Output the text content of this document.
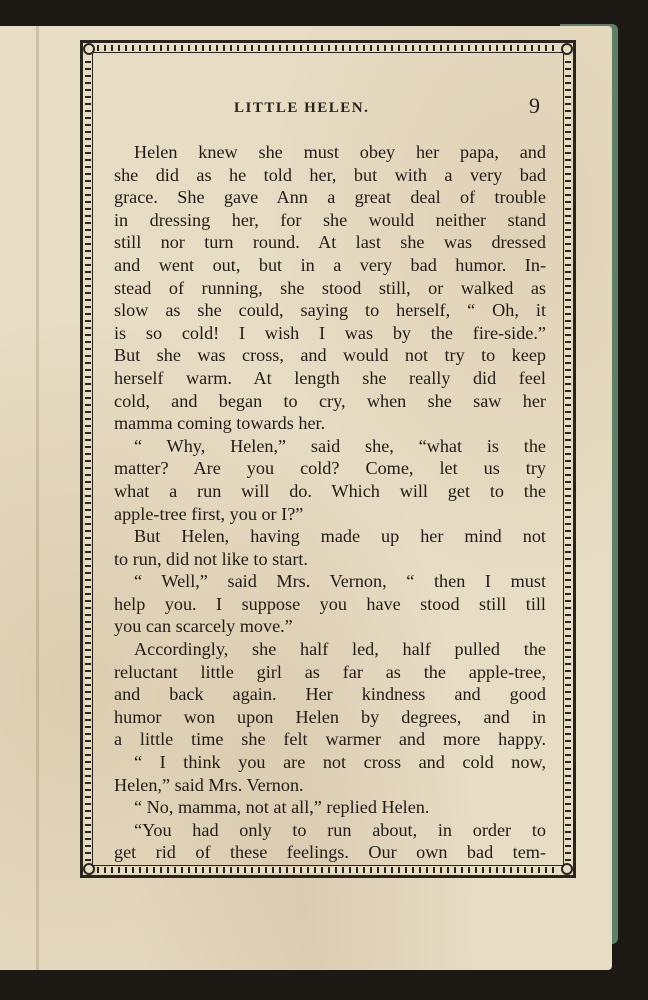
LITTLE HELEN.	9
Helen knew she must obey her papa, and
she did as he told her, but with a very bad
grace. She gave Ann a great deal of trouble
in dressing her, for she would neither stand
still nor turn round. At last she was dressed
and went out, but in a very bad humor. In-
stead of running, she stood still, or walked as
slow as she could, saying to herself, “ Oh, it
is so cold! I wish I was by the fire-side.”
But she was cross, and would not try to keep
herself warm. At length she really did feel
cold, and began to cry, when she saw her
mamma coming towards her.
“ Why, Helen,” said she, “what is the
matter? Are you cold? Come, let us try
what a run will do. Which will get to the
apple-tree first, you or I?”
But Helen, having made up her mind not
to run, did not like to start.
“ Well,” said Mrs. Vernon, “ then I must
help you. I suppose you have stood still till
you can scarcely move.”
Accordingly, she half led, half pulled the
reluctant little girl as far as the apple-tree,
and back again. Her kindness and good
humor won upon Helen by degrees, and in
a little time she felt warmer and more happy.
“ I think you are not cross and cold now,
Helen,” said Mrs. Vernon.
“ No, mamma, not at all,” replied Helen.
“You had only to run about, in order to
get rid of these feelings. Our own bad tem-
